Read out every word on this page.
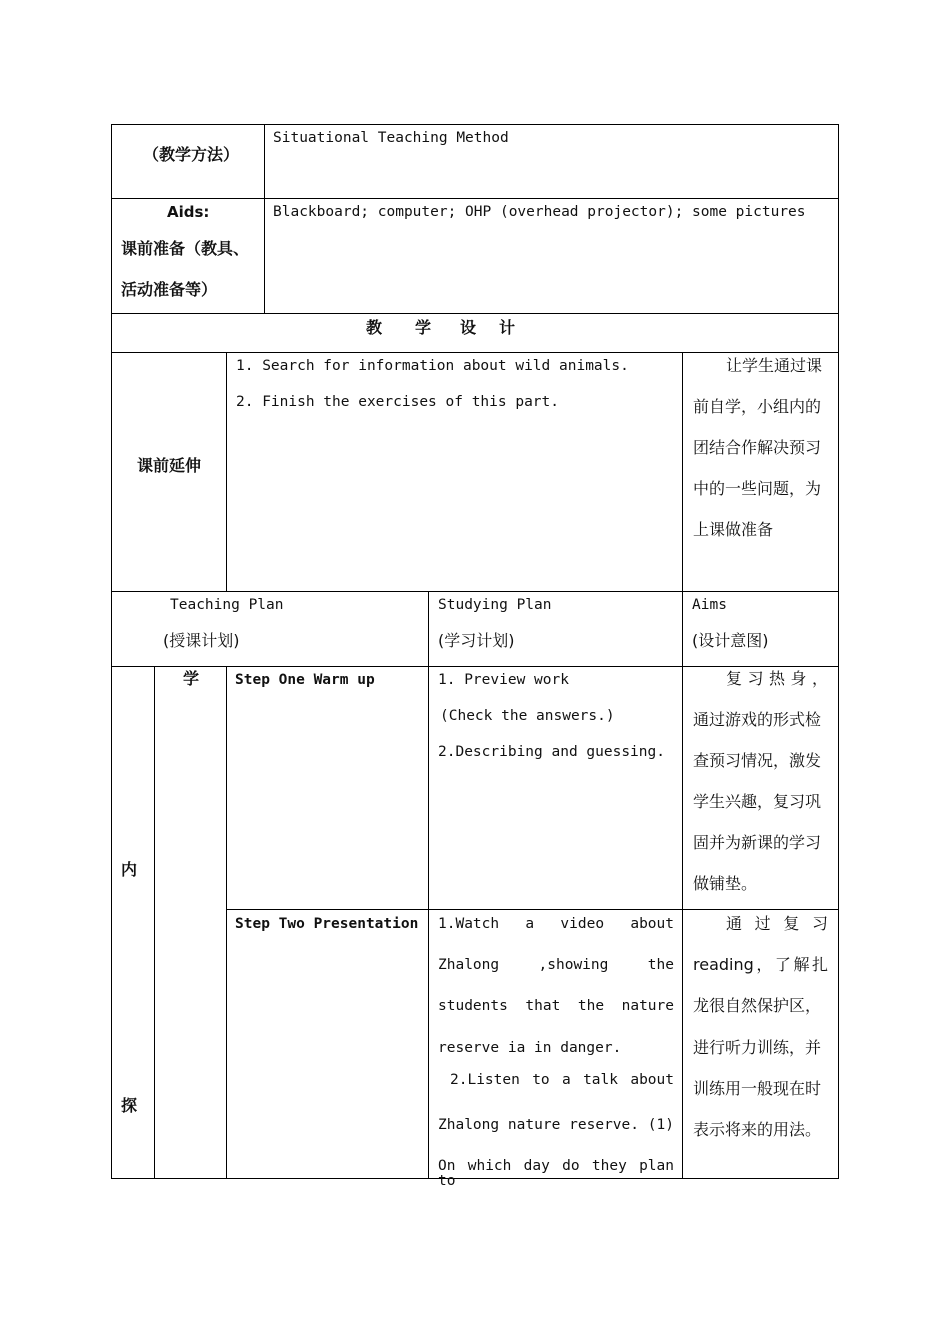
（教学方法）
Situational Teaching Method
Aids:
课前准备（教具、
活动准备等）
Blackboard; computer; OHP (overhead projector); some pictures
教 学 设 计
课前延伸
1. Search for information about wild animals.
2. Finish the exercises of this part.
让学生通过课
前自学，小组内的
团结合作解决预习
中的一些问题，为
上课做准备
Teaching Plan
(授课计划)
Studying Plan
(学习计划)
Aims
(设计意图)
内
探
学 Step One Warm up	1. Preview work
(Check the answers.)
2.Describing and guessing.
复习热身，
通过游戏的形式检
查预习情况，激发
学生兴趣，复习巩
固并为新课的学习
做铺垫。
Step Two Presentation 1.Watch a video about
Zhalong ,showing the
students that the nature
reserve ia in danger.
2.Listen to a talk about
Zhalong nature reserve. (1)
On which day do they plan to
通过复习
reading，了解扎
龙很自然保护区，
进行听力训练，并
训练用一般现在时
表示将来的用法。
